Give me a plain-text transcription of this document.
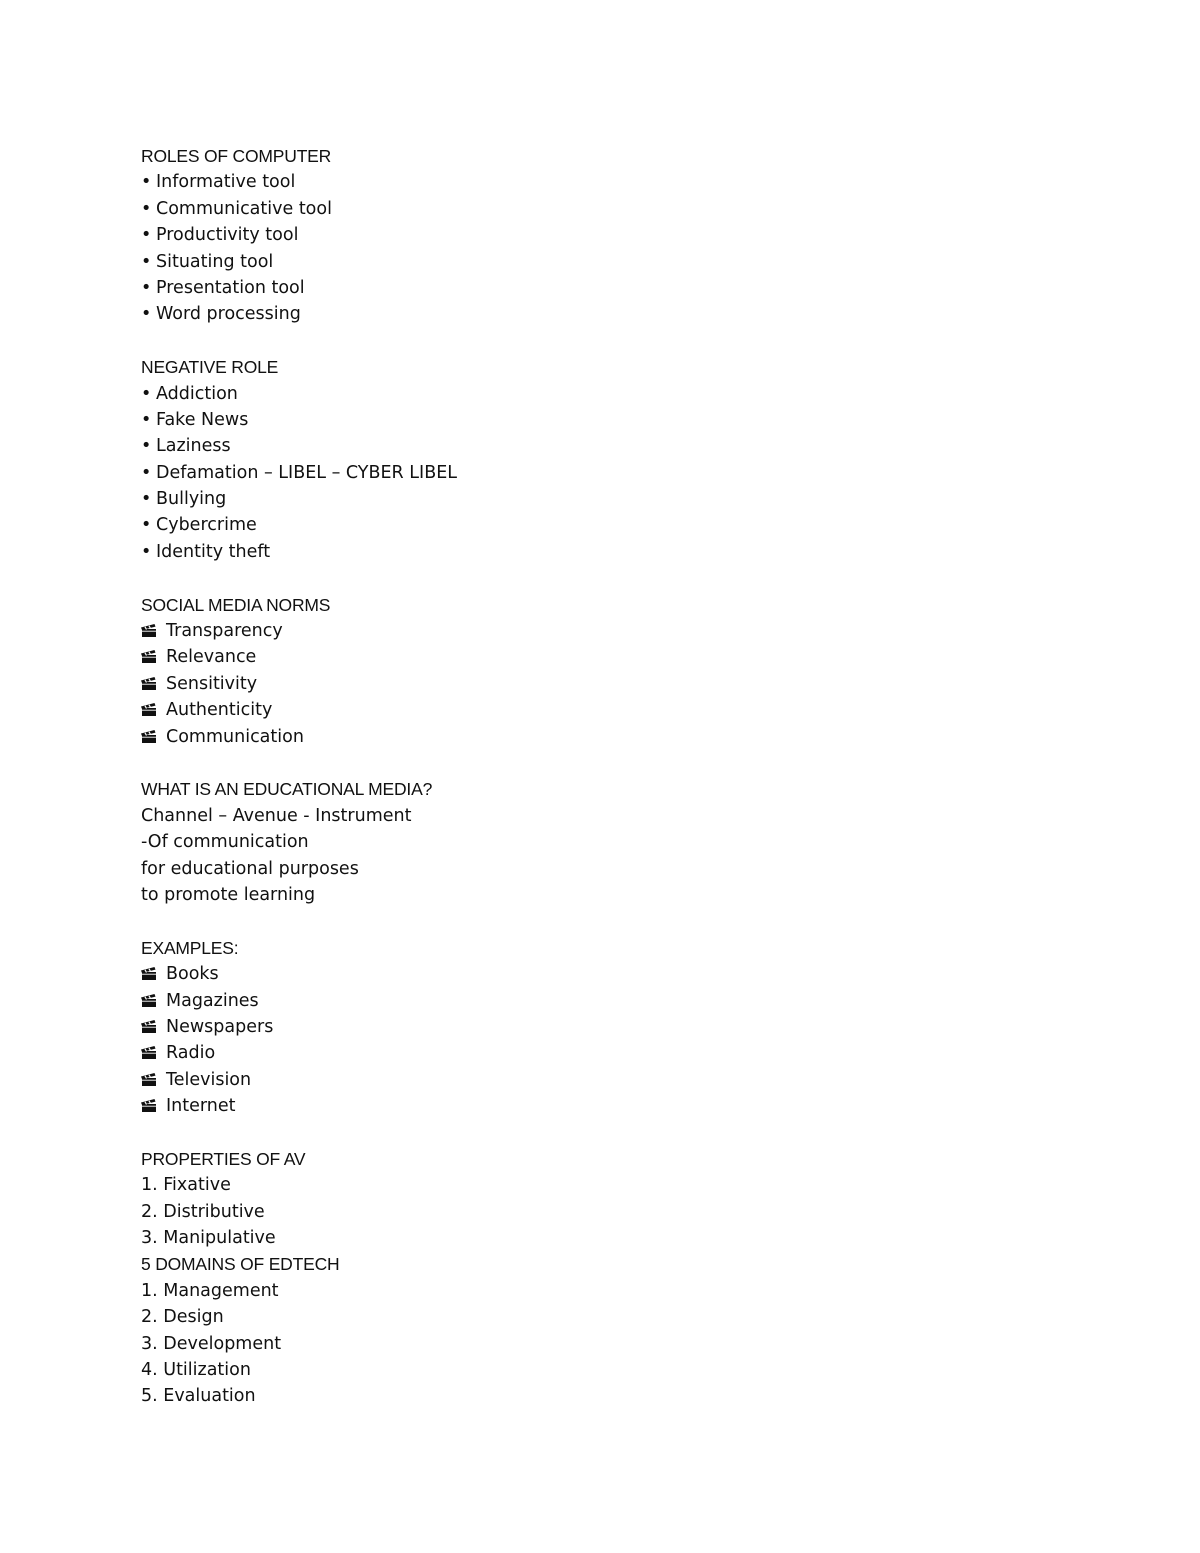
ROLES OF COMPUTER
• Informative tool
• Communicative tool
• Productivity tool
• Situating tool
• Presentation tool
• Word processing
NEGATIVE ROLE
• Addiction
• Fake News
• Laziness
• Defamation – LIBEL – CYBER LIBEL
• Bullying
• Cybercrime
• Identity theft
SOCIAL MEDIA NORMS
Transparency
Relevance
Sensitivity
Authenticity
Communication
WHAT IS AN EDUCATIONAL MEDIA?
Channel – Avenue - Instrument
-Of communication
for educational purposes
to promote learning
EXAMPLES:
Books
Magazines
Newspapers
Radio
Television
Internet
PROPERTIES OF AV
1. Fixative
2. Distributive
3. Manipulative
5 DOMAINS OF EDTECH
1. Management
2. Design
3. Development
4. Utilization
5. Evaluation
